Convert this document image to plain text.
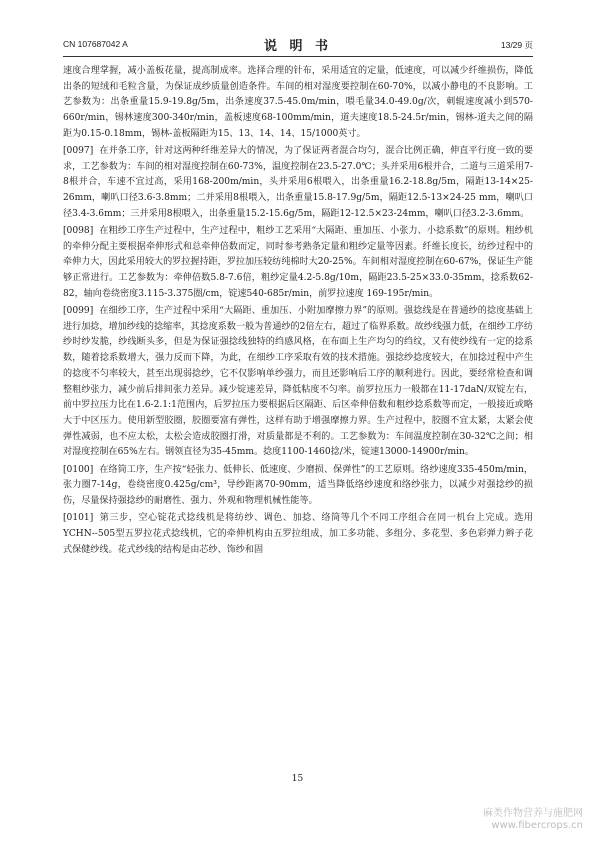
CN 107687042 A	说 明 书	13/29 页

速度合理掌握，减小盖板花量，提高制成率。选择合理的针布，采用适宜的定量，低速度，可以减少纤维损伤，降低出条的短绒和毛粒含量，为保证成纱质量创造条件。车间的相对湿度要控制在60-70%，以减小静电的不良影响。工艺参数为：出条重量15.9-19.8g/5m，出条速度37.5-45.0m/min，喂毛量34.0-49.0g/次，刺辊速度减小到570-660r/min，锡林速度300-340r/min，盖板速度68-100mm/min，道夫速度18.5-24.5r/min，锡林-道夫之间的隔距为0.15-0.18mm，锡林-盖板隔距为15、13、14、14、15/1000英寸。

[0097] 在并条工序，针对这两种纤维差异大的情况，为了保证两者混合均匀，混合比例正确，伸直平行度一致的要求，工艺参数为：车间的相对湿度控制在60-73%，温度控制在23.5-27.0℃；头并采用6根并合，二道与三道采用7-8根并合，车速不宜过高，采用168-200m/min，头并采用6根喂入，出条重量16.2-18.8g/5m，隔距13-14×25-26mm，喇叭口径3.6-3.8mm；二并采用8根喂入，出条重量15.8-17.9g/5m，隔距12.5-13×24-25 mm，喇叭口径3.4-3.6mm；三并采用8根喂入，出条重量15.2-15.6g/5m，隔距12-12.5×23-24mm，喇叭口径3.2-3.6mm。

[0098] 在粗纱工序生产过程中，生产过程中，粗纱工艺采用“大隔距、重加压、小张力、小捻系数”的原则。粗纱机的牵伸分配主要根据牵伸形式和总牵伸倍数而定，同时参考熟条定量和粗纱定量等因素。纤维长度长，纺纱过程中的牵伸力大，因此采用较大的罗拉握持距，罗拉加压较纺纯棉时大20-25%。车间相对湿度控制在60-67%，保证生产能够正常进行。工艺参数为：牵伸倍数5.8-7.6倍，粗纱定量4.2-5.8g/10m，隔距23.5-25×33.0-35mm，捻系数62-82，轴向卷绕密度3.115-3.375圈/cm，锭速540-685r/min，前罗拉速度 169-195r/min。

[0099] 在细纱工序，生产过程中采用“大隔距、重加压、小附加摩擦力界”的原则。强捻线是在普通纱的捻度基础上进行加捻，增加纱线的捻缩率，其捻度系数一般为普通纱的2倍左右，超过了临界系数。故纱线强力低，在细纱工序纺纱时纱发脆，纱线断头多，但是为保证强捻线独特的绉感风格，在布面上生产均匀的绉纹，又有使纱线有一定的捻系数，随着捻系数增大，强力反而下降，为此，在细纱工序采取有效的技术措施。强捻纱捻度较大，在加捻过程中产生的捻度不匀率较大，甚至出现弱捻纱，它不仅影响单纱强力，而且还影响后工序的顺利进行。因此，要经常检查和调整粗纱张力，减少前后排间张力差异。减少锭速差异，降低粘度不匀率。前罗拉压力一般都在11-17daN/双锭左右，前中罗拉压力比在1.6-2.1:1范围内，后罗拉压力要根据后区隔距、后区牵伸倍数和粗纱捻系数等而定，一般接近或略大于中区压力。使用新型胶圈，胶圈要富有弹性，这样有助于增强摩擦力界。生产过程中，胶圈不宜太紧，太紧会使弹性减弱，也不应太松，太松会造成胶圈打滑，对质量都是不利的。工艺参数为：车间温度控制在30-32℃之间；相对湿度控制在65%左右。钢领直径为35-45mm。捻度1100-1460捻/米，锭速13000-14900r/min。

[0100] 在络筒工序，生产按“轻张力、低伸长、低速度、少磨损、保弹性”的工艺原则。络纱速度335-450m/min，张力圈7-14g，卷绕密度0.425g/cm³，导纱距离70-90mm，适当降低络纱速度和络纱张力，以减少对强捻纱的损伤，尽量保持强捻纱的耐磨性、强力、外观和物理机械性能等。

[0101] 第三步，空心锭花式捻线机是将纺纱、调色、加捻、络筒等几个不同工序组合在同一机台上完成。选用YCHN--505型五罗拉花式捻线机，它的牵伸机构由五罗拉组成，加工多功能、多组分、多花型、多色彩弹力辫子花式保健纱线。花式纱线的结构是由芯纱、饰纱和固

15
麻类作物营养与施肥网
www.fibercrops.cn
